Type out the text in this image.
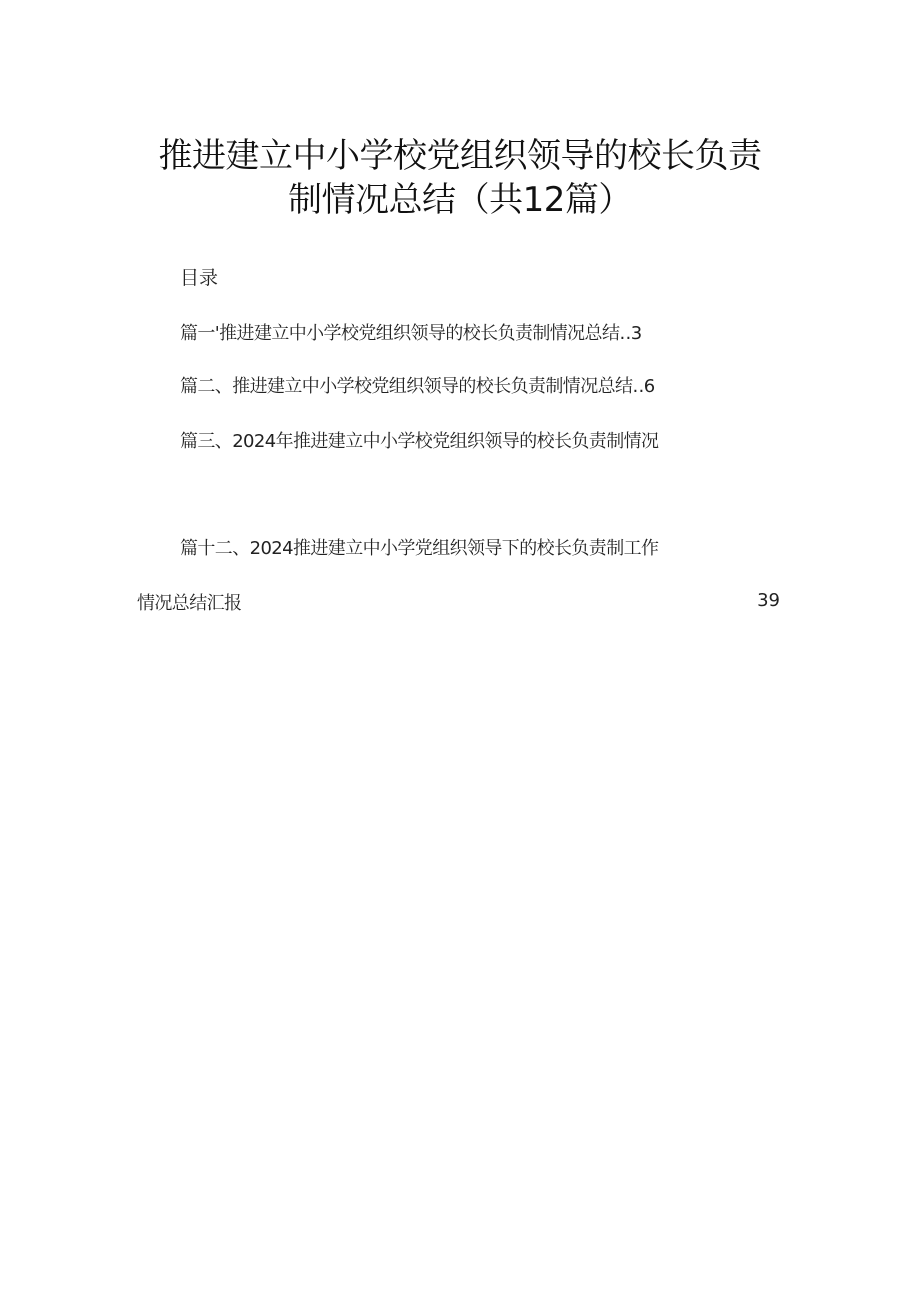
推进建立中小学校党组织领导的校长负责
制情况总结（共12篇）
目录
篇一'推进建立中小学校党组织领导的校长负责制情况总结‥3
篇二、推进建立中小学校党组织领导的校长负责制情况总结‥6
篇三、2024年推进建立中小学校党组织领导的校长负责制情况
篇十二、2024推进建立中小学党组织领导下的校长负责制工作
情况总结汇报	39
